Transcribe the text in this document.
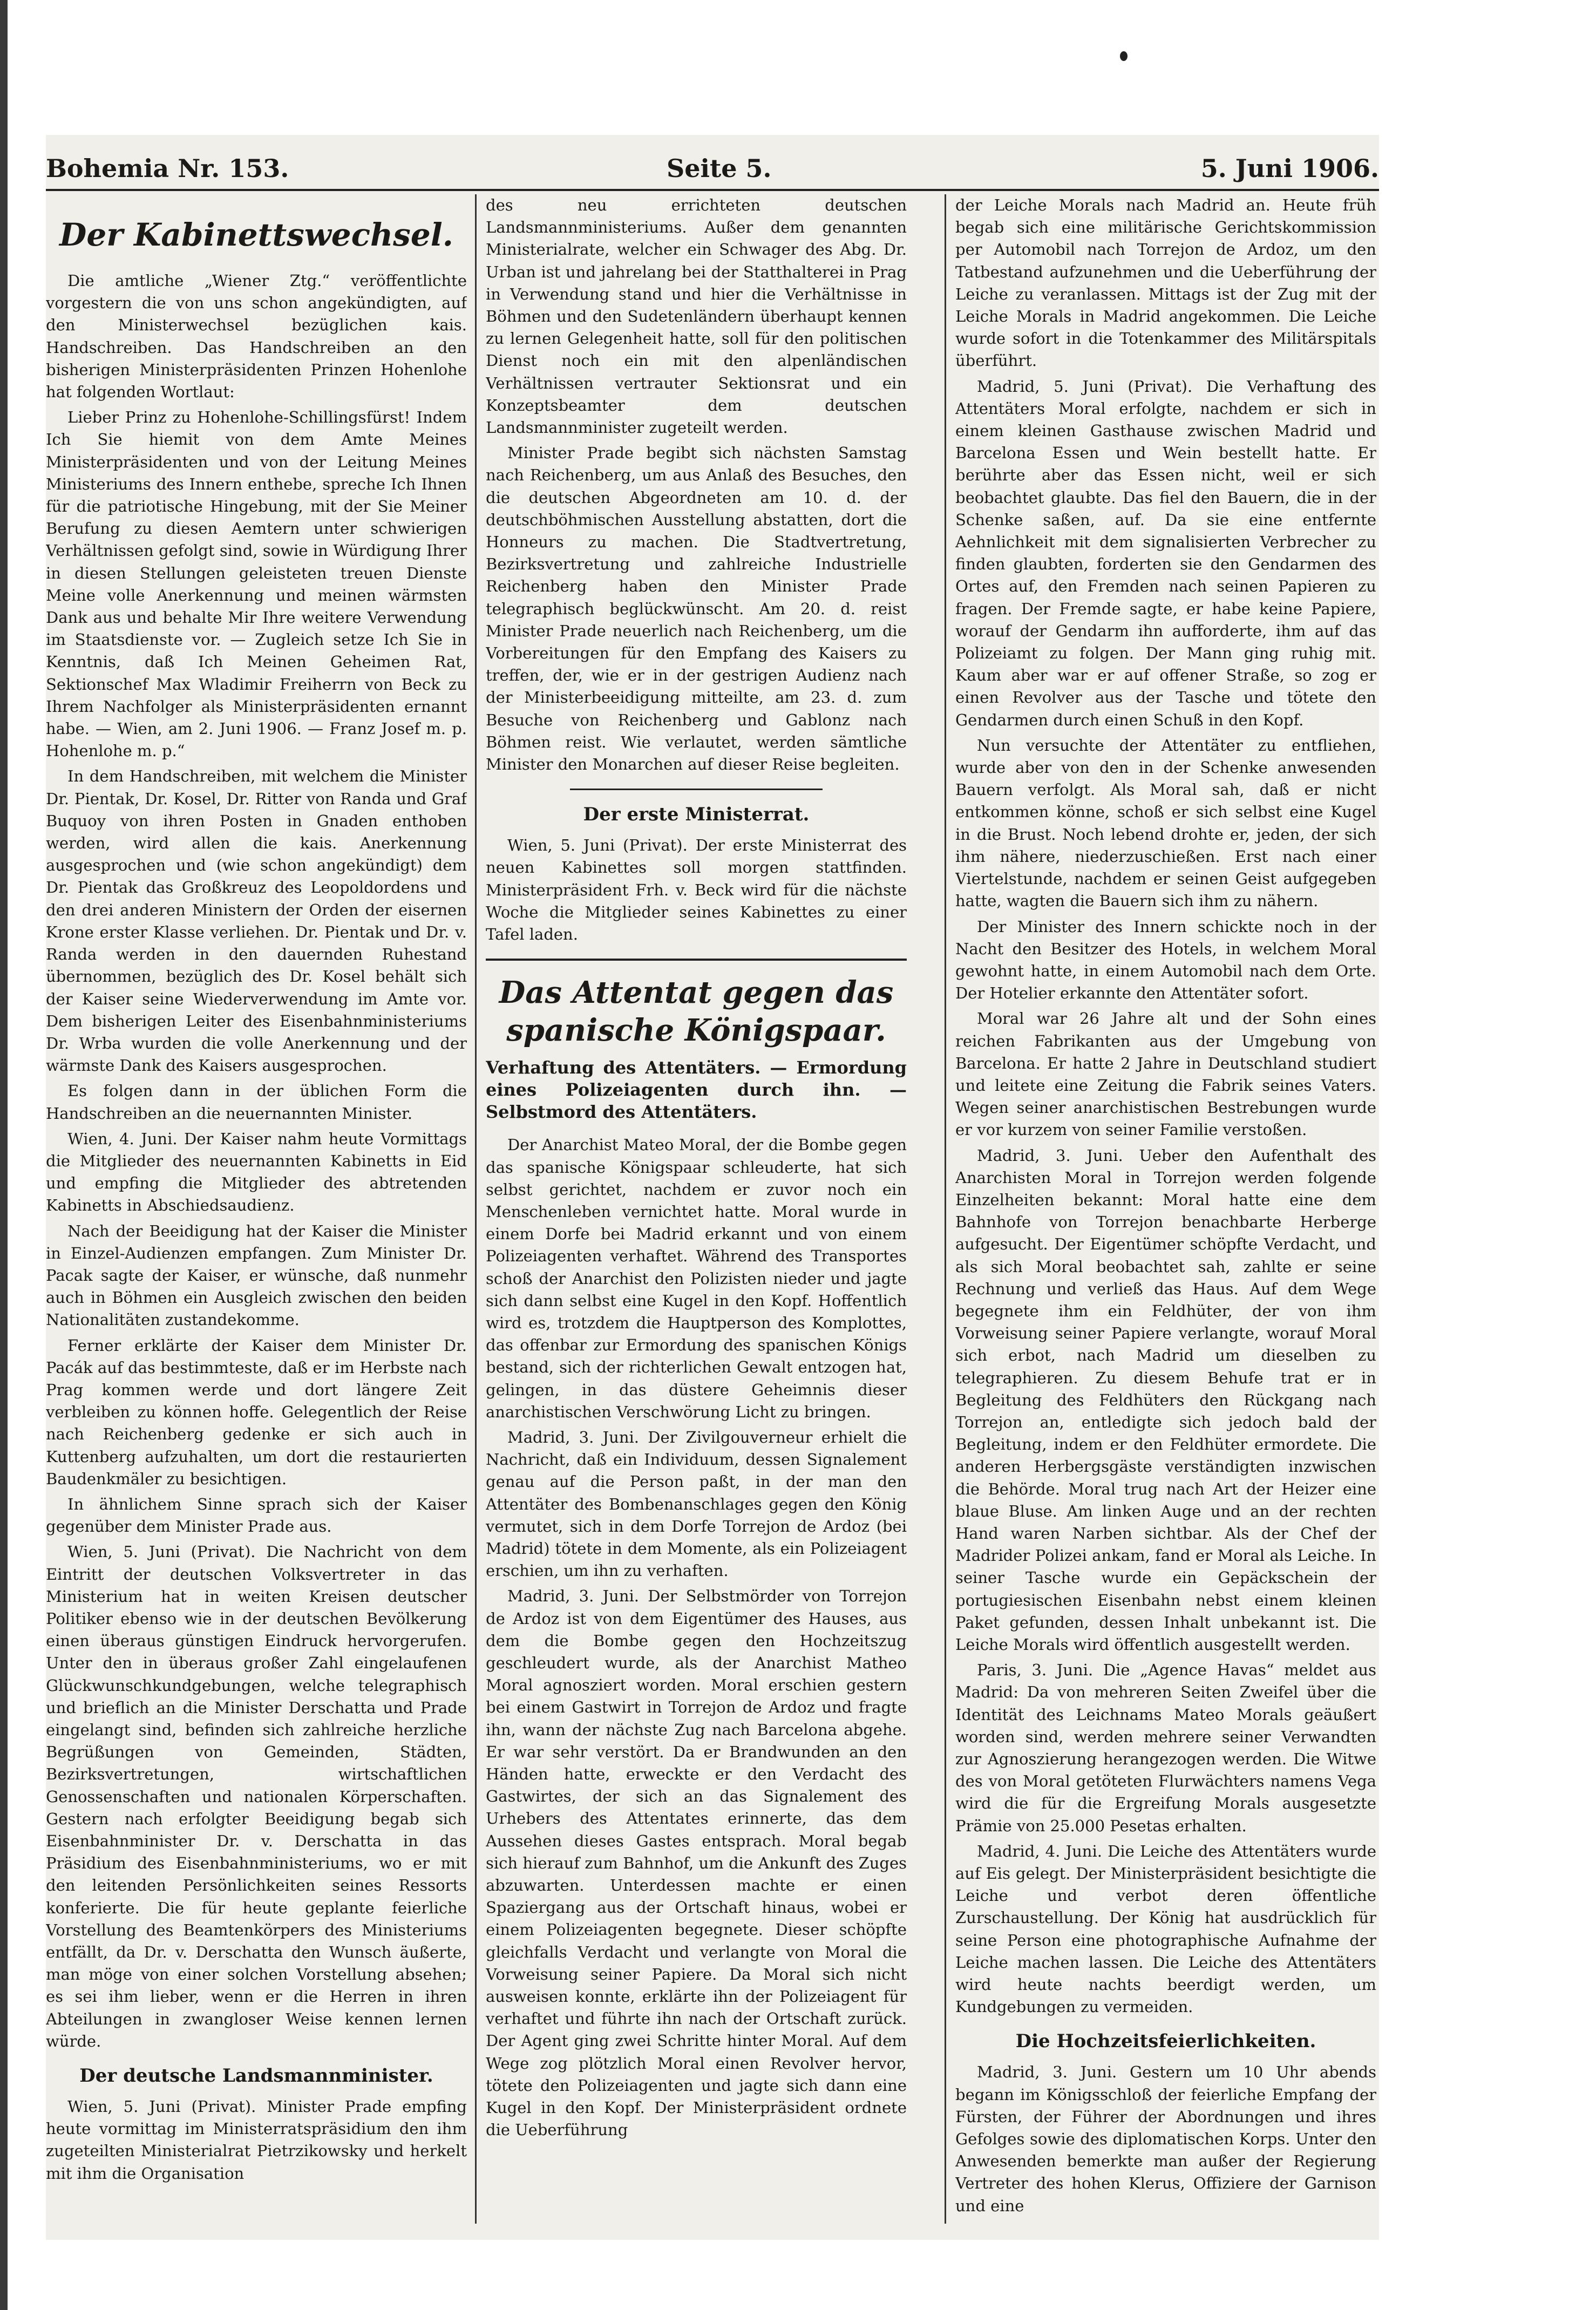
Bohemia Nr. 153.	Seite 5.	5. Juni 1906.
Der Kabinettswechsel.

Die amtliche „Wiener Ztg.“ veröffentlichte vorgestern die von uns schon angekündigten, auf den Ministerwechsel bezüglichen kais. Handschreiben. Das Handschreiben an den bisherigen Ministerpräsidenten Prinzen Hohenlohe hat folgenden Wortlaut:

Lieber Prinz zu Hohenlohe-Schillingsfürst! Indem Ich Sie hiemit von dem Amte Meines Ministerpräsidenten und von der Leitung Meines Ministeriums des Innern enthebe, spreche Ich Ihnen für die patriotische Hingebung, mit der Sie Meiner Berufung zu diesen Aemtern unter schwierigen Verhältnissen gefolgt sind, sowie in Würdigung Ihrer in diesen Stellungen geleisteten treuen Dienste Meine volle Anerkennung und meinen wärmsten Dank aus und behalte Mir Ihre weitere Verwendung im Staatsdienste vor. — Zugleich setze Ich Sie in Kenntnis, daß Ich Meinen Geheimen Rat, Sektionschef Max Wladimir Freiherrn von Beck zu Ihrem Nachfolger als Ministerpräsidenten ernannt habe. — Wien, am 2. Juni 1906. — Franz Josef m. p. Hohenlohe m. p.“

In dem Handschreiben, mit welchem die Minister Dr. Pientak, Dr. Kosel, Dr. Ritter von Randa und Graf Buquoy von ihren Posten in Gnaden enthoben werden, wird allen die kais. Anerkennung ausgesprochen und (wie schon angekündigt) dem Dr. Pientak das Großkreuz des Leopoldordens und den drei anderen Ministern der Orden der eisernen Krone erster Klasse verliehen. Dr. Pientak und Dr. v. Randa werden in den dauernden Ruhestand übernommen, bezüglich des Dr. Kosel behält sich der Kaiser seine Wiederverwendung im Amte vor. Dem bisherigen Leiter des Eisenbahnministeriums Dr. Wrba wurden die volle Anerkennung und der wärmste Dank des Kaisers ausgesprochen.

Es folgen dann in der üblichen Form die Handschreiben an die neuernannten Minister.

Wien, 4. Juni. Der Kaiser nahm heute Vormittags die Mitglieder des neuernannten Kabinetts in Eid und empfing die Mitglieder des abtretenden Kabinetts in Abschiedsaudienz.

Nach der Beeidigung hat der Kaiser die Minister in Einzel-Audienzen empfangen. Zum Minister Dr. Pacak sagte der Kaiser, er wünsche, daß nunmehr auch in Böhmen ein Ausgleich zwischen den beiden Nationalitäten zustandekomme.

Ferner erklärte der Kaiser dem Minister Dr. Pacák auf das bestimmteste, daß er im Herbste nach Prag kommen werde und dort längere Zeit verbleiben zu können hoffe. Gelegentlich der Reise nach Reichenberg gedenke er sich auch in Kuttenberg aufzuhalten, um dort die restaurierten Baudenkmäler zu besichtigen.

In ähnlichem Sinne sprach sich der Kaiser gegenüber dem Minister Prade aus.

Wien, 5. Juni (Privat). Die Nachricht von dem Eintritt der deutschen Volksvertreter in das Ministerium hat in weiten Kreisen deutscher Politiker ebenso wie in der deutschen Bevölkerung einen überaus günstigen Eindruck hervorgerufen. Unter den in überaus großer Zahl eingelaufenen Glückwunschkundgebungen, welche telegraphisch und brieflich an die Minister Derschatta und Prade eingelangt sind, befinden sich zahlreiche herzliche Begrüßungen von Gemeinden, Städten, Bezirksvertretungen, wirtschaftlichen Genossenschaften und nationalen Körperschaften. Gestern nach erfolgter Beeidigung begab sich Eisenbahnminister Dr. v. Derschatta in das Präsidium des Eisenbahnministeriums, wo er mit den leitenden Persönlichkeiten seines Ressorts konferierte. Die für heute geplante feierliche Vorstellung des Beamtenkörpers des Ministeriums entfällt, da Dr. v. Derschatta den Wunsch äußerte, man möge von einer solchen Vorstellung absehen; es sei ihm lieber, wenn er die Herren in ihren Abteilungen in zwangloser Weise kennen lernen würde.

Der deutsche Landsmannminister.

Wien, 5. Juni (Privat). Minister Prade empfing heute vormittag im Ministerratspräsidium den ihm zugeteilten Ministerialrat Pietrzikowsky und herkelt mit ihm die Organisation

des neu errichteten deutschen Landsmannministeriums. Außer dem genannten Ministerialrate, welcher ein Schwager des Abg. Dr. Urban ist und jahrelang bei der Statthalterei in Prag in Verwendung stand und hier die Verhältnisse in Böhmen und den Sudetenländern überhaupt kennen zu lernen Gelegenheit hatte, soll für den politischen Dienst noch ein mit den alpenländischen Verhältnissen vertrauter Sektionsrat und ein Konzeptsbeamter dem deutschen Landsmannminister zugeteilt werden.

Minister Prade begibt sich nächsten Samstag nach Reichenberg, um aus Anlaß des Besuches, den die deutschen Abgeordneten am 10. d. der deutschböhmischen Ausstellung abstatten, dort die Honneurs zu machen. Die Stadtvertretung, Bezirksvertretung und zahlreiche Industrielle Reichenberg haben den Minister Prade telegraphisch beglückwünscht. Am 20. d. reist Minister Prade neuerlich nach Reichenberg, um die Vorbereitungen für den Empfang des Kaisers zu treffen, der, wie er in der gestrigen Audienz nach der Ministerbeeidigung mitteilte, am 23. d. zum Besuche von Reichenberg und Gablonz nach Böhmen reist. Wie verlautet, werden sämtliche Minister den Monarchen auf dieser Reise begleiten.

Der erste Ministerrat.

Wien, 5. Juni (Privat). Der erste Ministerrat des neuen Kabinettes soll morgen stattfinden. Ministerpräsident Frh. v. Beck wird für die nächste Woche die Mitglieder seines Kabinettes zu einer Tafel laden.

Das Attentat gegen das spanische Königspaar.
Verhaftung des Attentäters. — Ermordung eines Polizeiagenten durch ihn. — Selbstmord des Attentäters.

Der Anarchist Mateo Moral, der die Bombe gegen das spanische Königspaar schleuderte, hat sich selbst gerichtet, nachdem er zuvor noch ein Menschenleben vernichtet hatte. Moral wurde in einem Dorfe bei Madrid erkannt und von einem Polizeiagenten verhaftet. Während des Transportes schoß der Anarchist den Polizisten nieder und jagte sich dann selbst eine Kugel in den Kopf. Hoffentlich wird es, trotzdem die Hauptperson des Komplottes, das offenbar zur Ermordung des spanischen Königs bestand, sich der richterlichen Gewalt entzogen hat, gelingen, in das düstere Geheimnis dieser anarchistischen Verschwörung Licht zu bringen.

Madrid, 3. Juni. Der Zivilgouverneur erhielt die Nachricht, daß ein Individuum, dessen Signalement genau auf die Person paßt, in der man den Attentäter des Bombenanschlages gegen den König vermutet, sich in dem Dorfe Torrejon de Ardoz (bei Madrid) tötete in dem Momente, als ein Polizeiagent erschien, um ihn zu verhaften.

Madrid, 3. Juni. Der Selbstmörder von Torrejon de Ardoz ist von dem Eigentümer des Hauses, aus dem die Bombe gegen den Hochzeitszug geschleudert wurde, als der Anarchist Matheo Moral agnosziert worden. Moral erschien gestern bei einem Gastwirt in Torrejon de Ardoz und fragte ihn, wann der nächste Zug nach Barcelona abgehe. Er war sehr verstört. Da er Brandwunden an den Händen hatte, erweckte er den Verdacht des Gastwirtes, der sich an das Signalement des Urhebers des Attentates erinnerte, das dem Aussehen dieses Gastes entsprach. Moral begab sich hierauf zum Bahnhof, um die Ankunft des Zuges abzuwarten. Unterdessen machte er einen Spaziergang aus der Ortschaft hinaus, wobei er einem Polizeiagenten begegnete. Dieser schöpfte gleichfalls Verdacht und verlangte von Moral die Vorweisung seiner Papiere. Da Moral sich nicht ausweisen konnte, erklärte ihn der Polizeiagent für verhaftet und führte ihn nach der Ortschaft zurück. Der Agent ging zwei Schritte hinter Moral. Auf dem Wege zog plötzlich Moral einen Revolver hervor, tötete den Polizeiagenten und jagte sich dann eine Kugel in den Kopf. Der Ministerpräsident ordnete die Ueberführung

der Leiche Morals nach Madrid an. Heute früh begab sich eine militärische Gerichtskommission per Automobil nach Torrejon de Ardoz, um den Tatbestand aufzunehmen und die Ueberführung der Leiche zu veranlassen. Mittags ist der Zug mit der Leiche Morals in Madrid angekommen. Die Leiche wurde sofort in die Totenkammer des Militärspitals überführt.

Madrid, 5. Juni (Privat). Die Verhaftung des Attentäters Moral erfolgte, nachdem er sich in einem kleinen Gasthause zwischen Madrid und Barcelona Essen und Wein bestellt hatte. Er berührte aber das Essen nicht, weil er sich beobachtet glaubte. Das fiel den Bauern, die in der Schenke saßen, auf. Da sie eine entfernte Aehnlichkeit mit dem signalisierten Verbrecher zu finden glaubten, forderten sie den Gendarmen des Ortes auf, den Fremden nach seinen Papieren zu fragen. Der Fremde sagte, er habe keine Papiere, worauf der Gendarm ihn aufforderte, ihm auf das Polizeiamt zu folgen. Der Mann ging ruhig mit. Kaum aber war er auf offener Straße, so zog er einen Revolver aus der Tasche und tötete den Gendarmen durch einen Schuß in den Kopf.

Nun versuchte der Attentäter zu entfliehen, wurde aber von den in der Schenke anwesenden Bauern verfolgt. Als Moral sah, daß er nicht entkommen könne, schoß er sich selbst eine Kugel in die Brust. Noch lebend drohte er, jeden, der sich ihm nähere, niederzuschießen. Erst nach einer Viertelstunde, nachdem er seinen Geist aufgegeben hatte, wagten die Bauern sich ihm zu nähern.

Der Minister des Innern schickte noch in der Nacht den Besitzer des Hotels, in welchem Moral gewohnt hatte, in einem Automobil nach dem Orte. Der Hotelier erkannte den Attentäter sofort.

Moral war 26 Jahre alt und der Sohn eines reichen Fabrikanten aus der Umgebung von Barcelona. Er hatte 2 Jahre in Deutschland studiert und leitete eine Zeitung die Fabrik seines Vaters. Wegen seiner anarchistischen Bestrebungen wurde er vor kurzem von seiner Familie verstoßen.

Madrid, 3. Juni. Ueber den Aufenthalt des Anarchisten Moral in Torrejon werden folgende Einzelheiten bekannt: Moral hatte eine dem Bahnhofe von Torrejon benachbarte Herberge aufgesucht. Der Eigentümer schöpfte Verdacht, und als sich Moral beobachtet sah, zahlte er seine Rechnung und verließ das Haus. Auf dem Wege begegnete ihm ein Feldhüter, der von ihm Vorweisung seiner Papiere verlangte, worauf Moral sich erbot, nach Madrid um dieselben zu telegraphieren. Zu diesem Behufe trat er in Begleitung des Feldhüters den Rückgang nach Torrejon an, entledigte sich jedoch bald der Begleitung, indem er den Feldhüter ermordete. Die anderen Herbergsgäste verständigten inzwischen die Behörde. Moral trug nach Art der Heizer eine blaue Bluse. Am linken Auge und an der rechten Hand waren Narben sichtbar. Als der Chef der Madrider Polizei ankam, fand er Moral als Leiche. In seiner Tasche wurde ein Gepäckschein der portugiesischen Eisenbahn nebst einem kleinen Paket gefunden, dessen Inhalt unbekannt ist. Die Leiche Morals wird öffentlich ausgestellt werden.

Paris, 3. Juni. Die „Agence Havas“ meldet aus Madrid: Da von mehreren Seiten Zweifel über die Identität des Leichnams Mateo Morals geäußert worden sind, werden mehrere seiner Verwandten zur Agnoszierung herangezogen werden. Die Witwe des von Moral getöteten Flurwächters namens Vega wird die für die Ergreifung Morals ausgesetzte Prämie von 25.000 Pesetas erhalten.

Madrid, 4. Juni. Die Leiche des Attentäters wurde auf Eis gelegt. Der Ministerpräsident besichtigte die Leiche und verbot deren öffentliche Zurschaustellung. Der König hat ausdrücklich für seine Person eine photographische Aufnahme der Leiche machen lassen. Die Leiche des Attentäters wird heute nachts beerdigt werden, um Kundgebungen zu vermeiden.

Die Hochzeitsfeierlichkeiten.

Madrid, 3. Juni. Gestern um 10 Uhr abends begann im Königsschloß der feierliche Empfang der Fürsten, der Führer der Abordnungen und ihres Gefolges sowie des diplomatischen Korps. Unter den Anwesenden bemerkte man außer der Regierung Vertreter des hohen Klerus, Offiziere der Garnison und eine
